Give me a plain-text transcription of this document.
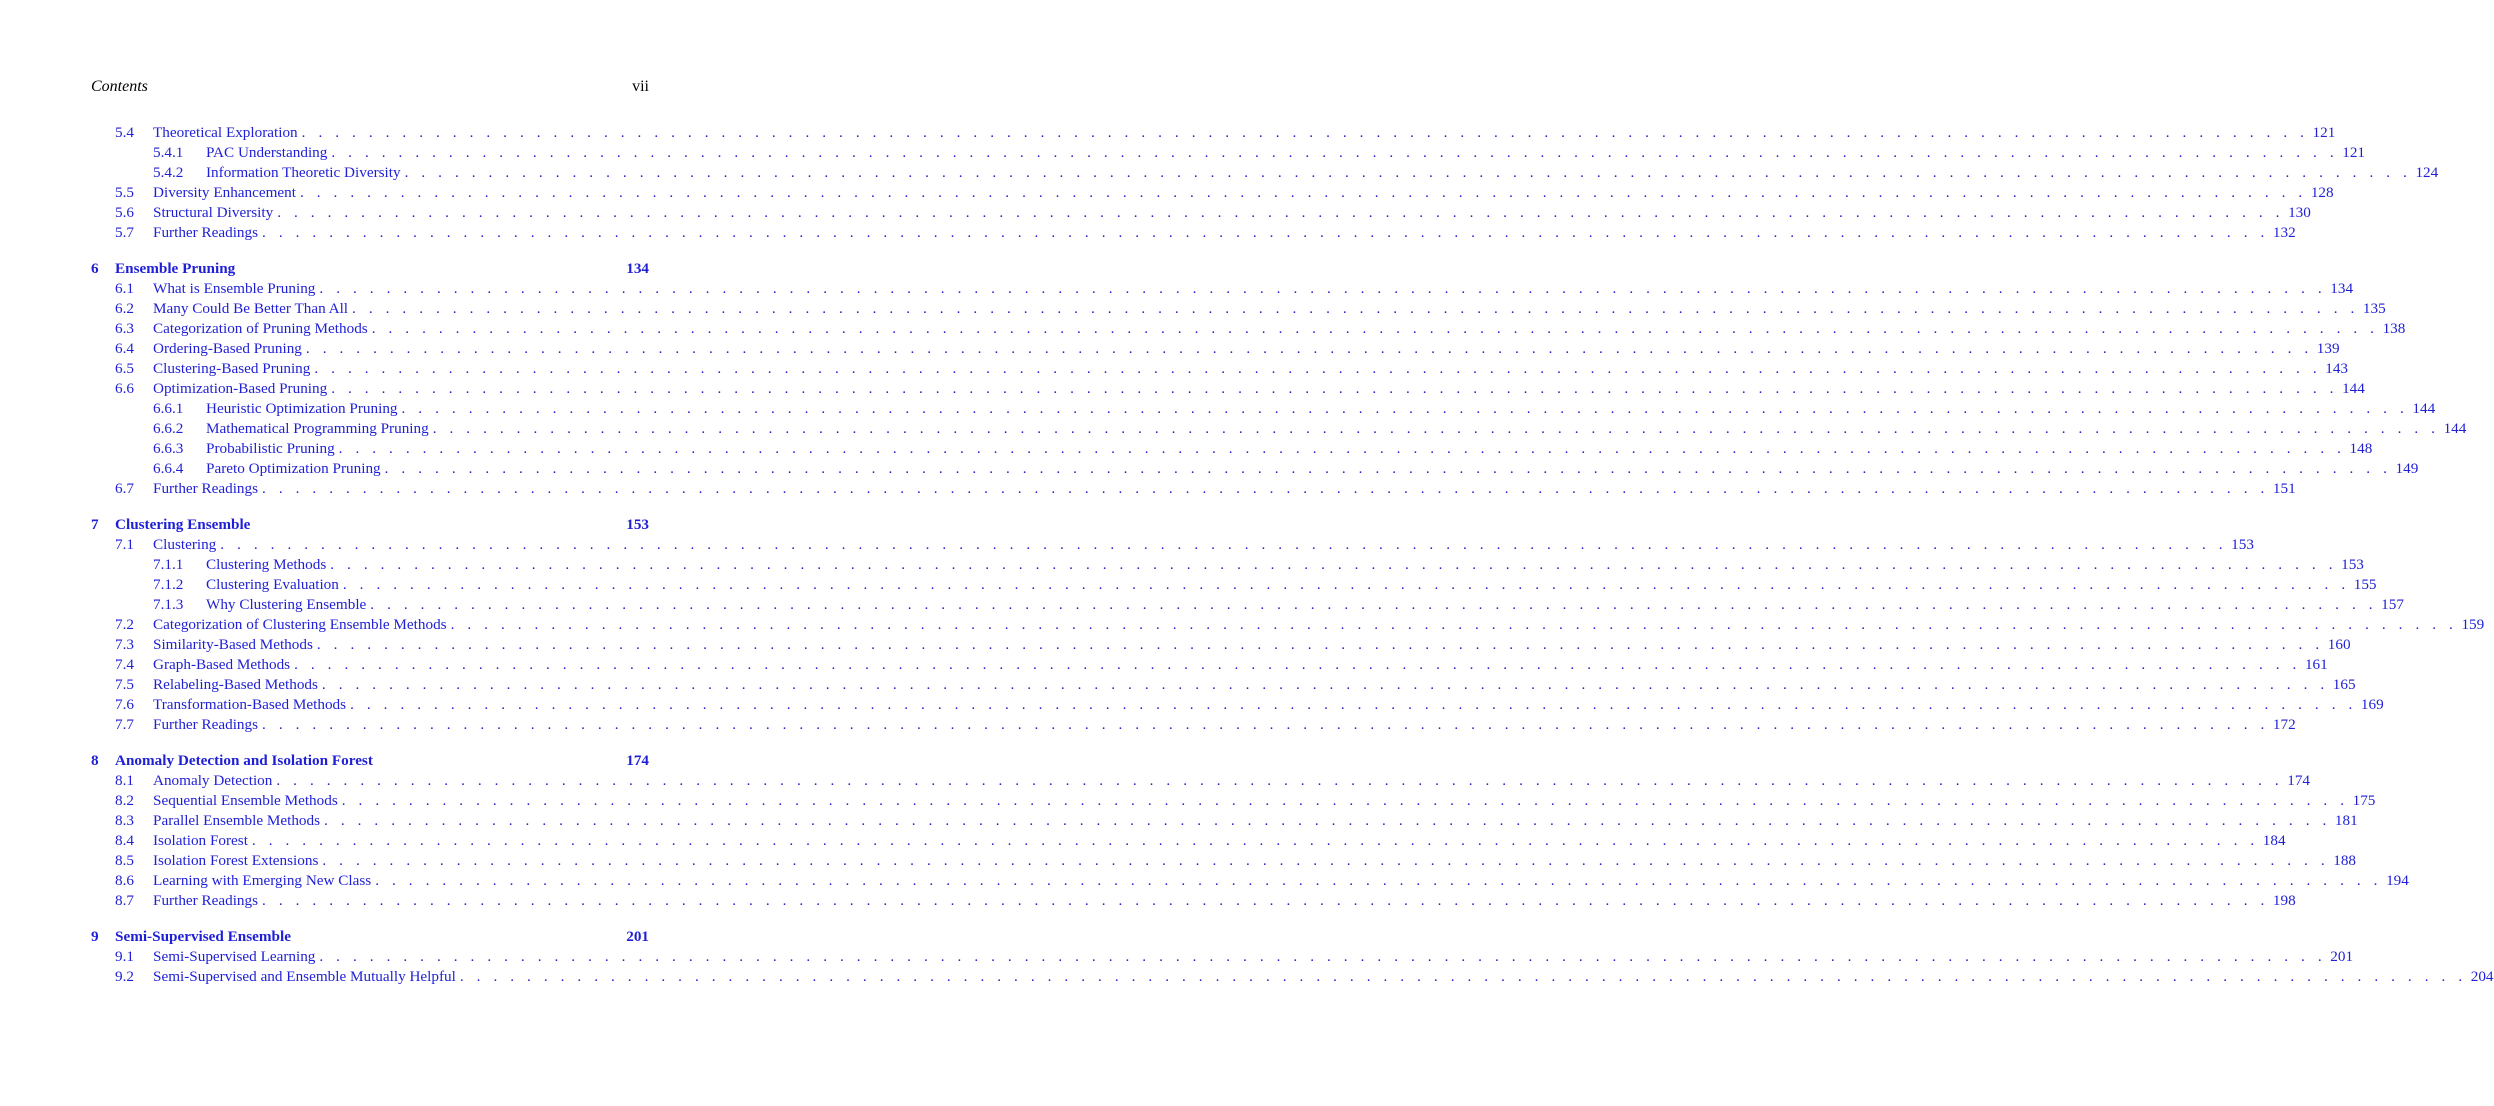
Contents	vii
5.4 Theoretical Exploration . . . . . . . . . . . . . . . . . . . . . . . . . . . . . . . . . . . . . . . . . . . . . . . . . . . . . . . . . . . . . . . . . . . . . . . . . . . . . . . . . . . . . . . . . . . . . . . . . . . . . . . . . . . . . . . . . . . . . . . . 121
5.4.1 PAC Understanding . . . . . . . . . . . . . . . . . . . . . . . . . . . . . . . . . . . . . . . . . . . . . . . . . . . . . . . . . . . . . . . . . . . . . . . . . . . . . . . . . . . . . . . . . . . . . . . . . . . . . . . . . . . . . . . . . . . . . . . . 121
5.4.2 Information Theoretic Diversity . . . . . . . . . . . . . . . . . . . . . . . . . . . . . . . . . . . . . . . . . . . . . . . . . . . . . . . . . . . . . . . . . . . . . . . . . . . . . . . . . . . . . . . . . . . . . . . . . . . . . . . . . . . . . . . . . . . . . . . . 124
5.5 Diversity Enhancement . . . . . . . . . . . . . . . . . . . . . . . . . . . . . . . . . . . . . . . . . . . . . . . . . . . . . . . . . . . . . . . . . . . . . . . . . . . . . . . . . . . . . . . . . . . . . . . . . . . . . . . . . . . . . . . . . . . . . . . . 128
5.6 Structural Diversity . . . . . . . . . . . . . . . . . . . . . . . . . . . . . . . . . . . . . . . . . . . . . . . . . . . . . . . . . . . . . . . . . . . . . . . . . . . . . . . . . . . . . . . . . . . . . . . . . . . . . . . . . . . . . . . . . . . . . . . . 130
5.7 Further Readings . . . . . . . . . . . . . . . . . . . . . . . . . . . . . . . . . . . . . . . . . . . . . . . . . . . . . . . . . . . . . . . . . . . . . . . . . . . . . . . . . . . . . . . . . . . . . . . . . . . . . . . . . . . . . . . . . . . . . . . . 132
6 Ensemble Pruning	134
6.1 What is Ensemble Pruning . . . . . . . . . . . . . . . . . . . . . . . . . . . . . . . . . . . . . . . . . . . . . . . . . . . . . . . . . . . . . . . . . . . . . . . . . . . . . . . . . . . . . . . . . . . . . . . . . . . . . . . . . . . . . . . . . . . . . . . . 134
6.2 Many Could Be Better Than All . . . . . . . . . . . . . . . . . . . . . . . . . . . . . . . . . . . . . . . . . . . . . . . . . . . . . . . . . . . . . . . . . . . . . . . . . . . . . . . . . . . . . . . . . . . . . . . . . . . . . . . . . . . . . . . . . . . . . . . . 135
6.3 Categorization of Pruning Methods . . . . . . . . . . . . . . . . . . . . . . . . . . . . . . . . . . . . . . . . . . . . . . . . . . . . . . . . . . . . . . . . . . . . . . . . . . . . . . . . . . . . . . . . . . . . . . . . . . . . . . . . . . . . . . . . . . . . . . . . 138
6.4 Ordering-Based Pruning . . . . . . . . . . . . . . . . . . . . . . . . . . . . . . . . . . . . . . . . . . . . . . . . . . . . . . . . . . . . . . . . . . . . . . . . . . . . . . . . . . . . . . . . . . . . . . . . . . . . . . . . . . . . . . . . . . . . . . . . 139
6.5 Clustering-Based Pruning . . . . . . . . . . . . . . . . . . . . . . . . . . . . . . . . . . . . . . . . . . . . . . . . . . . . . . . . . . . . . . . . . . . . . . . . . . . . . . . . . . . . . . . . . . . . . . . . . . . . . . . . . . . . . . . . . . . . . . . . 143
6.6 Optimization-Based Pruning . . . . . . . . . . . . . . . . . . . . . . . . . . . . . . . . . . . . . . . . . . . . . . . . . . . . . . . . . . . . . . . . . . . . . . . . . . . . . . . . . . . . . . . . . . . . . . . . . . . . . . . . . . . . . . . . . . . . . . . . 144
6.6.1 Heuristic Optimization Pruning . . . . . . . . . . . . . . . . . . . . . . . . . . . . . . . . . . . . . . . . . . . . . . . . . . . . . . . . . . . . . . . . . . . . . . . . . . . . . . . . . . . . . . . . . . . . . . . . . . . . . . . . . . . . . . . . . . . . . . . . 144
6.6.2 Mathematical Programming Pruning . . . . . . . . . . . . . . . . . . . . . . . . . . . . . . . . . . . . . . . . . . . . . . . . . . . . . . . . . . . . . . . . . . . . . . . . . . . . . . . . . . . . . . . . . . . . . . . . . . . . . . . . . . . . . . . . . . . . . . . . 144
6.6.3 Probabilistic Pruning . . . . . . . . . . . . . . . . . . . . . . . . . . . . . . . . . . . . . . . . . . . . . . . . . . . . . . . . . . . . . . . . . . . . . . . . . . . . . . . . . . . . . . . . . . . . . . . . . . . . . . . . . . . . . . . . . . . . . . . . 148
6.6.4 Pareto Optimization Pruning . . . . . . . . . . . . . . . . . . . . . . . . . . . . . . . . . . . . . . . . . . . . . . . . . . . . . . . . . . . . . . . . . . . . . . . . . . . . . . . . . . . . . . . . . . . . . . . . . . . . . . . . . . . . . . . . . . . . . . . . 149
6.7 Further Readings . . . . . . . . . . . . . . . . . . . . . . . . . . . . . . . . . . . . . . . . . . . . . . . . . . . . . . . . . . . . . . . . . . . . . . . . . . . . . . . . . . . . . . . . . . . . . . . . . . . . . . . . . . . . . . . . . . . . . . . . 151
7 Clustering Ensemble	153
7.1 Clustering . . . . . . . . . . . . . . . . . . . . . . . . . . . . . . . . . . . . . . . . . . . . . . . . . . . . . . . . . . . . . . . . . . . . . . . . . . . . . . . . . . . . . . . . . . . . . . . . . . . . . . . . . . . . . . . . . . . . . . . . 153
7.1.1 Clustering Methods . . . . . . . . . . . . . . . . . . . . . . . . . . . . . . . . . . . . . . . . . . . . . . . . . . . . . . . . . . . . . . . . . . . . . . . . . . . . . . . . . . . . . . . . . . . . . . . . . . . . . . . . . . . . . . . . . . . . . . . . 153
7.1.2 Clustering Evaluation . . . . . . . . . . . . . . . . . . . . . . . . . . . . . . . . . . . . . . . . . . . . . . . . . . . . . . . . . . . . . . . . . . . . . . . . . . . . . . . . . . . . . . . . . . . . . . . . . . . . . . . . . . . . . . . . . . . . . . . . 155
7.1.3 Why Clustering Ensemble . . . . . . . . . . . . . . . . . . . . . . . . . . . . . . . . . . . . . . . . . . . . . . . . . . . . . . . . . . . . . . . . . . . . . . . . . . . . . . . . . . . . . . . . . . . . . . . . . . . . . . . . . . . . . . . . . . . . . . . . 157
7.2 Categorization of Clustering Ensemble Methods . . . . . . . . . . . . . . . . . . . . . . . . . . . . . . . . . . . . . . . . . . . . . . . . . . . . . . . . . . . . . . . . . . . . . . . . . . . . . . . . . . . . . . . . . . . . . . . . . . . . . . . . . . . . . . . . . . . . . . . . 159
7.3 Similarity-Based Methods . . . . . . . . . . . . . . . . . . . . . . . . . . . . . . . . . . . . . . . . . . . . . . . . . . . . . . . . . . . . . . . . . . . . . . . . . . . . . . . . . . . . . . . . . . . . . . . . . . . . . . . . . . . . . . . . . . . . . . . . 160
7.4 Graph-Based Methods . . . . . . . . . . . . . . . . . . . . . . . . . . . . . . . . . . . . . . . . . . . . . . . . . . . . . . . . . . . . . . . . . . . . . . . . . . . . . . . . . . . . . . . . . . . . . . . . . . . . . . . . . . . . . . . . . . . . . . . . 161
7.5 Relabeling-Based Methods . . . . . . . . . . . . . . . . . . . . . . . . . . . . . . . . . . . . . . . . . . . . . . . . . . . . . . . . . . . . . . . . . . . . . . . . . . . . . . . . . . . . . . . . . . . . . . . . . . . . . . . . . . . . . . . . . . . . . . . . 165
7.6 Transformation-Based Methods . . . . . . . . . . . . . . . . . . . . . . . . . . . . . . . . . . . . . . . . . . . . . . . . . . . . . . . . . . . . . . . . . . . . . . . . . . . . . . . . . . . . . . . . . . . . . . . . . . . . . . . . . . . . . . . . . . . . . . . . 169
7.7 Further Readings . . . . . . . . . . . . . . . . . . . . . . . . . . . . . . . . . . . . . . . . . . . . . . . . . . . . . . . . . . . . . . . . . . . . . . . . . . . . . . . . . . . . . . . . . . . . . . . . . . . . . . . . . . . . . . . . . . . . . . . . 172
8 Anomaly Detection and Isolation Forest	174
8.1 Anomaly Detection . . . . . . . . . . . . . . . . . . . . . . . . . . . . . . . . . . . . . . . . . . . . . . . . . . . . . . . . . . . . . . . . . . . . . . . . . . . . . . . . . . . . . . . . . . . . . . . . . . . . . . . . . . . . . . . . . . . . . . . . 174
8.2 Sequential Ensemble Methods . . . . . . . . . . . . . . . . . . . . . . . . . . . . . . . . . . . . . . . . . . . . . . . . . . . . . . . . . . . . . . . . . . . . . . . . . . . . . . . . . . . . . . . . . . . . . . . . . . . . . . . . . . . . . . . . . . . . . . . . 175
8.3 Parallel Ensemble Methods . . . . . . . . . . . . . . . . . . . . . . . . . . . . . . . . . . . . . . . . . . . . . . . . . . . . . . . . . . . . . . . . . . . . . . . . . . . . . . . . . . . . . . . . . . . . . . . . . . . . . . . . . . . . . . . . . . . . . . . . 181
8.4 Isolation Forest . . . . . . . . . . . . . . . . . . . . . . . . . . . . . . . . . . . . . . . . . . . . . . . . . . . . . . . . . . . . . . . . . . . . . . . . . . . . . . . . . . . . . . . . . . . . . . . . . . . . . . . . . . . . . . . . . . . . . . . . 184
8.5 Isolation Forest Extensions . . . . . . . . . . . . . . . . . . . . . . . . . . . . . . . . . . . . . . . . . . . . . . . . . . . . . . . . . . . . . . . . . . . . . . . . . . . . . . . . . . . . . . . . . . . . . . . . . . . . . . . . . . . . . . . . . . . . . . . . 188
8.6 Learning with Emerging New Class . . . . . . . . . . . . . . . . . . . . . . . . . . . . . . . . . . . . . . . . . . . . . . . . . . . . . . . . . . . . . . . . . . . . . . . . . . . . . . . . . . . . . . . . . . . . . . . . . . . . . . . . . . . . . . . . . . . . . . . . 194
8.7 Further Readings . . . . . . . . . . . . . . . . . . . . . . . . . . . . . . . . . . . . . . . . . . . . . . . . . . . . . . . . . . . . . . . . . . . . . . . . . . . . . . . . . . . . . . . . . . . . . . . . . . . . . . . . . . . . . . . . . . . . . . . . 198
9 Semi-Supervised Ensemble	201
9.1 Semi-Supervised Learning . . . . . . . . . . . . . . . . . . . . . . . . . . . . . . . . . . . . . . . . . . . . . . . . . . . . . . . . . . . . . . . . . . . . . . . . . . . . . . . . . . . . . . . . . . . . . . . . . . . . . . . . . . . . . . . . . . . . . . . . 201
9.2 Semi-Supervised and Ensemble Mutually Helpful . . . . . . . . . . . . . . . . . . . . . . . . . . . . . . . . . . . . . . . . . . . . . . . . . . . . . . . . . . . . . . . . . . . . . . . . . . . . . . . . . . . . . . . . . . . . . . . . . . . . . . . . . . . . . . . . . . . . . . . . 204
